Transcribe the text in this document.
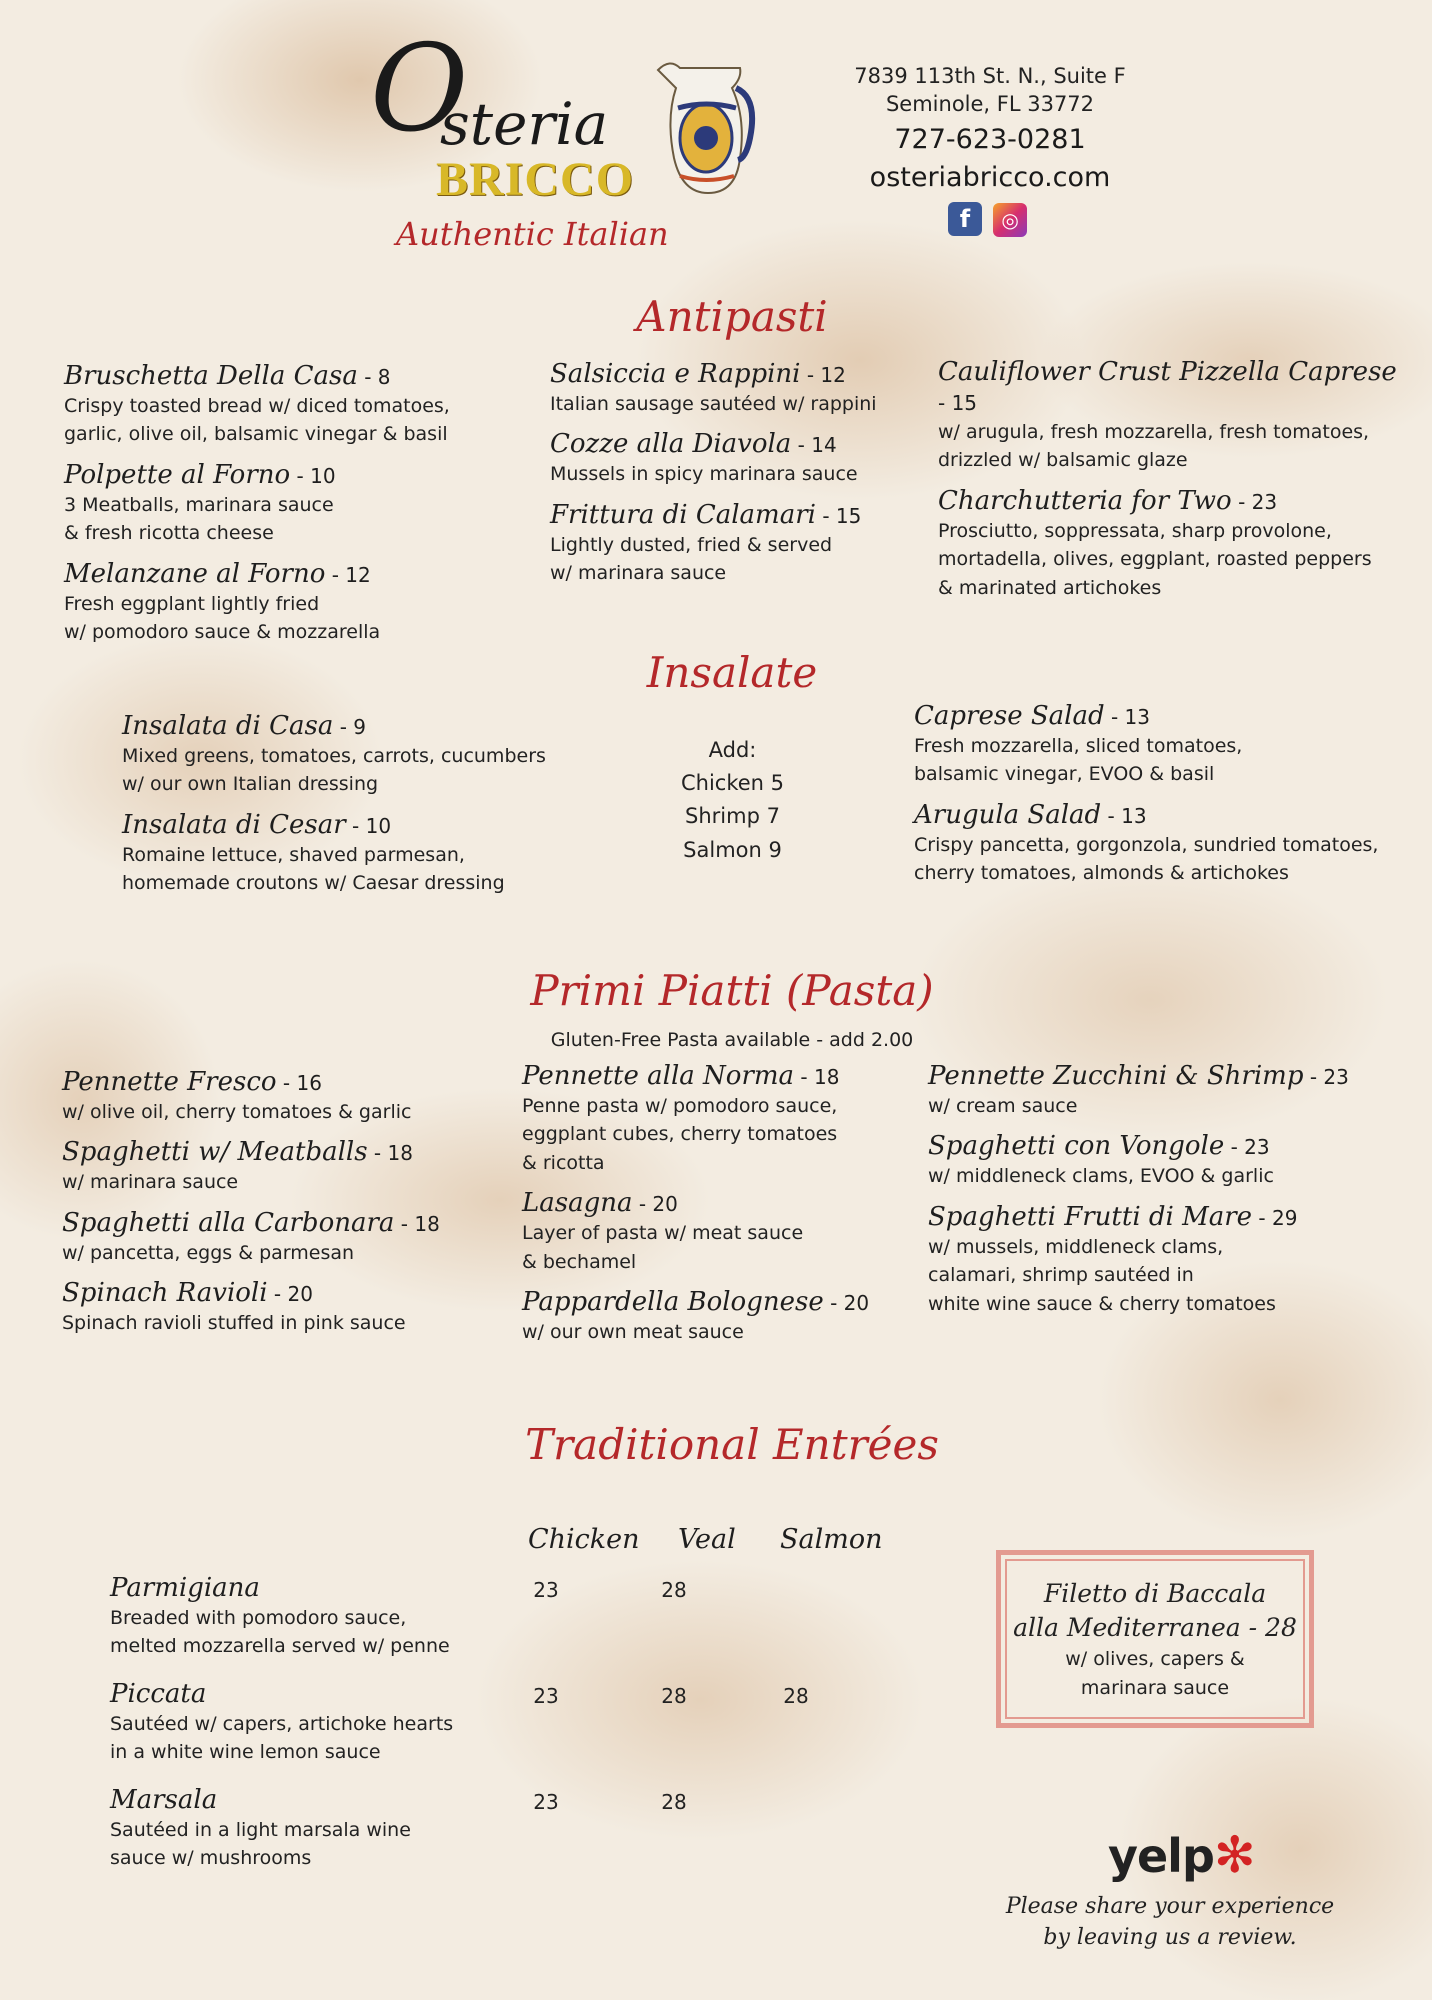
O
steria
BRICCO
Authentic Italian
7839 113th St. N., Suite F
Seminole, FL 33772
727-623-0281
osteriabricco.com
f ◎
Antipasti
Bruschetta Della Casa - 8
Crispy toasted bread w/ diced tomatoes,
garlic, olive oil, balsamic vinegar & basil
Polpette al Forno - 10
3 Meatballs, marinara sauce
& fresh ricotta cheese
Melanzane al Forno - 12
Fresh eggplant lightly fried
w/ pomodoro sauce & mozzarella
Salsiccia e Rappini - 12
Italian sausage sautéed w/ rappini
Cozze alla Diavola - 14
Mussels in spicy marinara sauce
Frittura di Calamari - 15
Lightly dusted, fried & served
w/ marinara sauce
Cauliflower Crust Pizzella Caprese - 15
w/ arugula, fresh mozzarella, fresh tomatoes,
drizzled w/ balsamic glaze
Charchutteria for Two - 23
Prosciutto, soppressata, sharp provolone,
mortadella, olives, eggplant, roasted peppers
& marinated artichokes
Insalate
Insalata di Casa - 9
Mixed greens, tomatoes, carrots, cucumbers
w/ our own Italian dressing
Insalata di Cesar - 10
Romaine lettuce, shaved parmesan,
homemade croutons w/ Caesar dressing
Add:
Chicken 5
Shrimp 7
Salmon 9
Caprese Salad - 13
Fresh mozzarella, sliced tomatoes,
balsamic vinegar, EVOO & basil
Arugula Salad - 13
Crispy pancetta, gorgonzola, sundried tomatoes,
cherry tomatoes, almonds & artichokes
Primi Piatti (Pasta)
Gluten-Free Pasta available - add 2.00
Pennette Fresco - 16
w/ olive oil, cherry tomatoes & garlic
Spaghetti w/ Meatballs - 18
w/ marinara sauce
Spaghetti alla Carbonara - 18
w/ pancetta, eggs & parmesan
Spinach Ravioli - 20
Spinach ravioli stuffed in pink sauce
Pennette alla Norma - 18
Penne pasta w/ pomodoro sauce,
eggplant cubes, cherry tomatoes
& ricotta
Lasagna - 20
Layer of pasta w/ meat sauce
& bechamel
Pappardella Bolognese - 20
w/ our own meat sauce
Pennette Zucchini & Shrimp - 23
w/ cream sauce
Spaghetti con Vongole - 23
w/ middleneck clams, EVOO & garlic
Spaghetti Frutti di Mare - 29
w/ mussels, middleneck clams,
calamari, shrimp sautéed in
white wine sauce & cherry tomatoes
Traditional Entrées
Chicken Veal Salmon
Parmigiana
Breaded with pomodoro sauce,
melted mozzarella served w/ penne
23	28
Piccata
Sautéed w/ capers, artichoke hearts
in a white wine lemon sauce
23	28	28
Marsala
Sautéed in a light marsala wine
sauce w/ mushrooms
23	28
Filetto di Baccala
alla Mediterranea - 28
w/ olives, capers &
marinara sauce
yelp✻
Please share your experience
by leaving us a review.
